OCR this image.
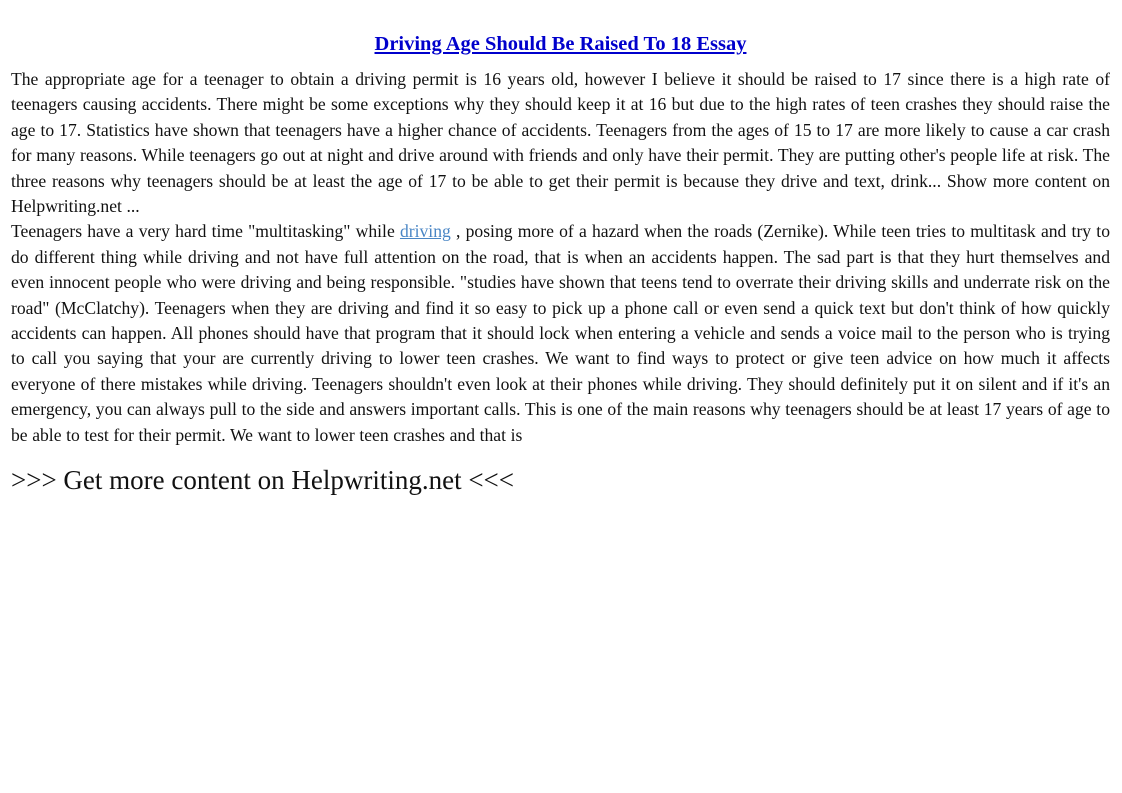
Driving Age Should Be Raised To 18 Essay

The appropriate age for a teenager to obtain a driving permit is 16 years old, however I believe it should be raised to 17 since there is a high rate of teenagers causing accidents. There might be some exceptions why they should keep it at 16 but due to the high rates of teen crashes they should raise the age to 17. Statistics have shown that teenagers have a higher chance of accidents. Teenagers from the ages of 15 to 17 are more likely to cause a car crash for many reasons. While teenagers go out at night and drive around with friends and only have their permit. They are putting other's people life at risk. The three reasons why teenagers should be at least the age of 17 to be able to get their permit is because they drive and text, drink... Show more content on Helpwriting.net ...

Teenagers have a very hard time "multitasking" while driving , posing more of a hazard when the roads (Zernike). While teen tries to multitask and try to do different thing while driving and not have full attention on the road, that is when an accidents happen. The sad part is that they hurt themselves and even innocent people who were driving and being responsible. "studies have shown that teens tend to overrate their driving skills and underrate risk on the road" (McClatchy). Teenagers when they are driving and find it so easy to pick up a phone call or even send a quick text but don't think of how quickly accidents can happen. All phones should have that program that it should lock when entering a vehicle and sends a voice mail to the person who is trying to call you saying that your are currently driving to lower teen crashes. We want to find ways to protect or give teen advice on how much it affects everyone of there mistakes while driving. Teenagers shouldn't even look at their phones while driving. They should definitely put it on silent and if it's an emergency, you can always pull to the side and answers important calls. This is one of the main reasons why teenagers should be at least 17 years of age to be able to test for their permit. We want to lower teen crashes and that is

>>> Get more content on Helpwriting.net <<<
